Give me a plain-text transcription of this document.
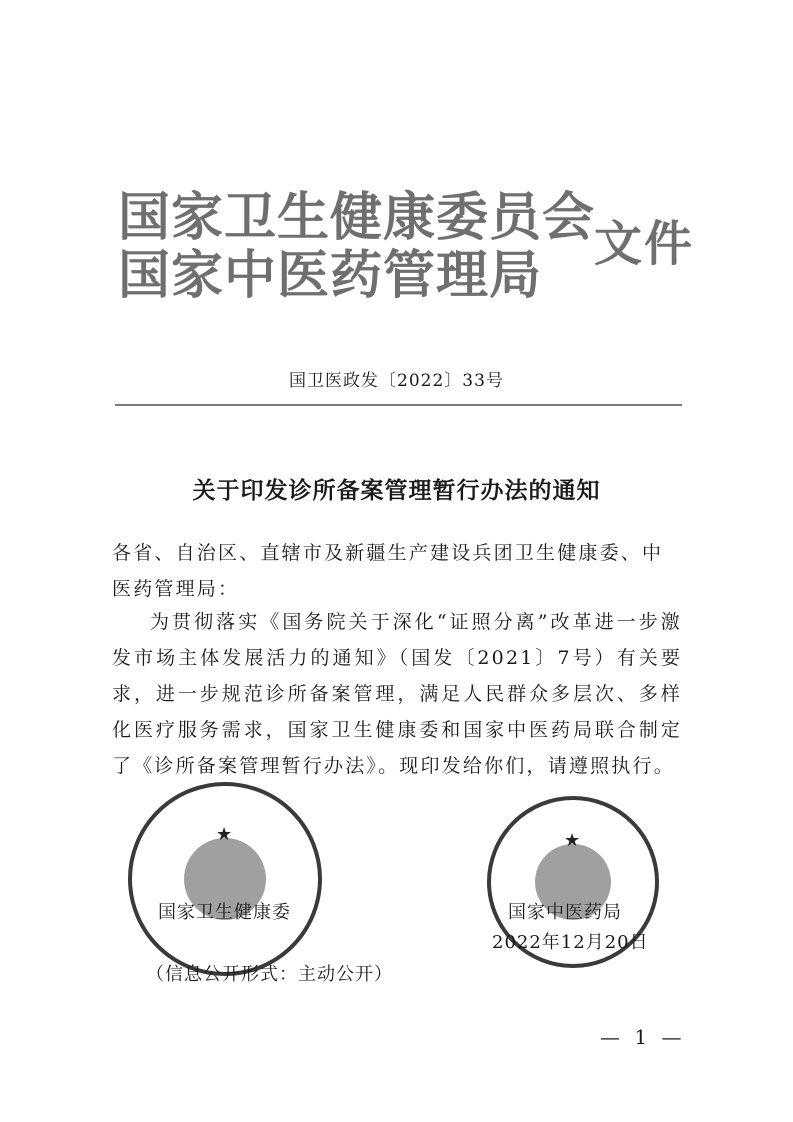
国家卫生健康委员会
国家中医药管理局
文件
国卫医政发〔2022〕33号
关于印发诊所备案管理暂行办法的通知
各省、自治区、直辖市及新疆生产建设兵团卫生健康委、中医药管理局：
为贯彻落实《国务院关于深化“证照分离”改革进一步激发市场主体发展活力的通知》（国发〔2021〕7号）有关要求，进一步规范诊所备案管理，满足人民群众多层次、多样化医疗服务需求，国家卫生健康委和国家中医药局联合制定了《诊所备案管理暂行办法》。现印发给你们，请遵照执行。
★	★
国家卫生健康委	国家中医药局
2022年12月20日
（信息公开形式：主动公开）
— 1 —
